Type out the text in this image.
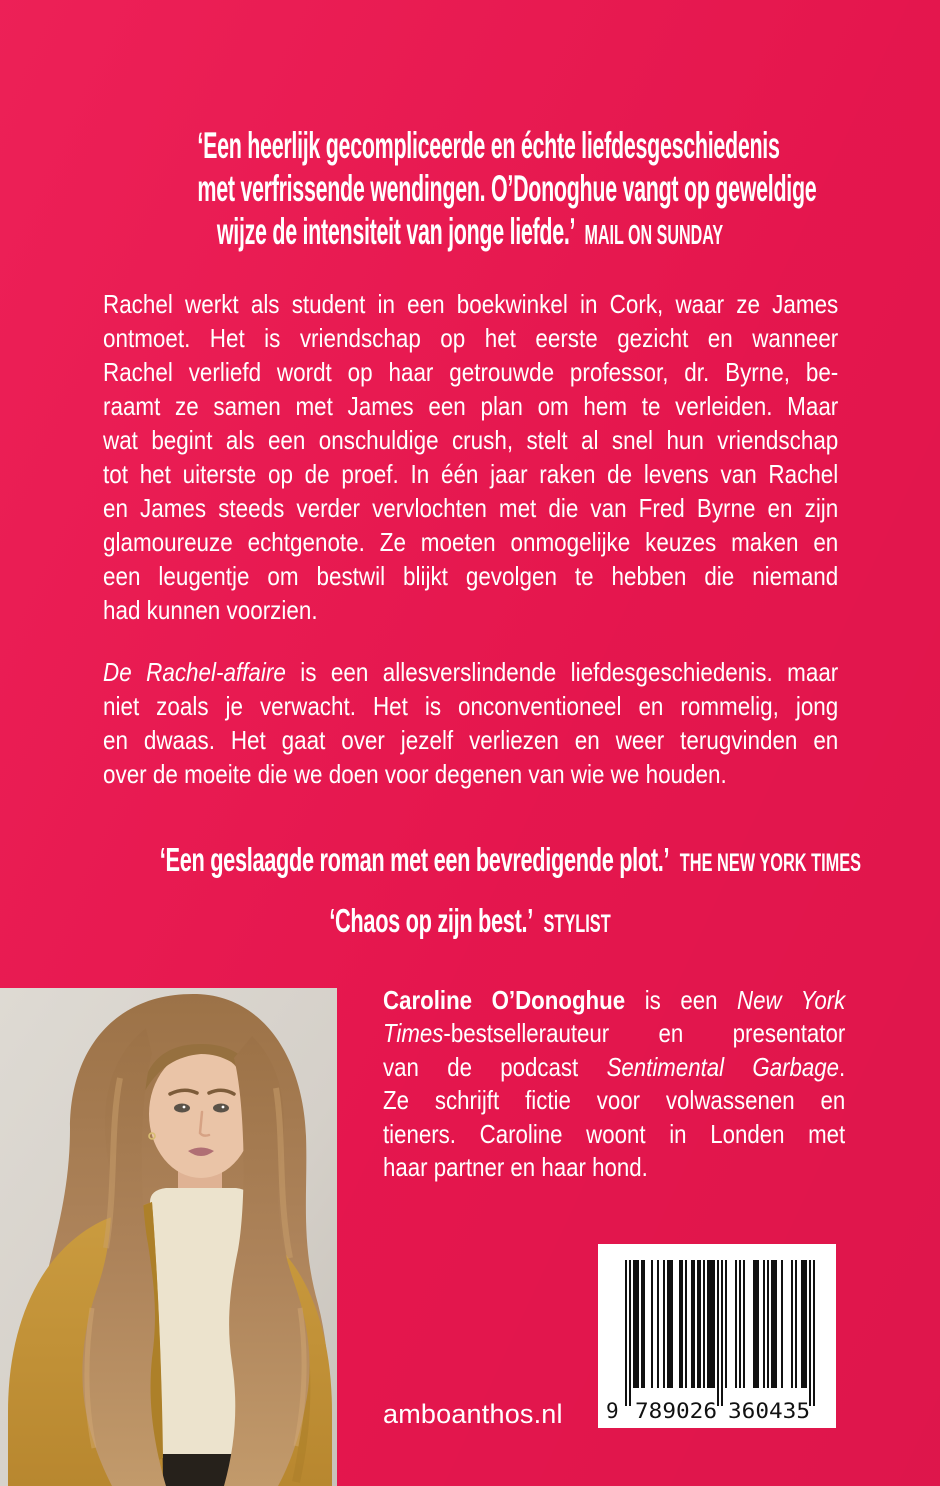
‘Een heerlijk gecompliceerde en échte liefdesgeschiedenis
met verfrissende wendingen. O’Donoghue vangt op geweldige
wijze de intensiteit van jonge liefde.’ MAIL ON SUNDAY
Rachel werkt als student in een boekwinkel in Cork, waar ze James
ontmoet. Het is vriendschap op het eerste gezicht en wanneer
Rachel verliefd wordt op haar getrouwde professor, dr. Byrne, be-
raamt ze samen met James een plan om hem te verleiden. Maar
wat begint als een onschuldige crush, stelt al snel hun vriendschap
tot het uiterste op de proef. In één jaar raken de levens van Rachel
en James steeds verder vervlochten met die van Fred Byrne en zijn
glamoureuze echtgenote. Ze moeten onmogelijke keuzes maken en
een leugentje om bestwil blijkt gevolgen te hebben die niemand
had kunnen voorzien.
De Rachel-affaire is een allesverslindende liefdesgeschiedenis. maar
niet zoals je verwacht. Het is onconventioneel en rommelig, jong
en dwaas. Het gaat over jezelf verliezen en weer terugvinden en
over de moeite die we doen voor degenen van wie we houden.
‘Een geslaagde roman met een bevredigende plot.’ THE NEW YORK TIMES
‘Chaos op zijn best.’ STYLIST
Caroline O’Donoghue is een New York
Times-bestsellerauteur en presentator
van de podcast Sentimental Garbage.
Ze schrijft fictie voor volwassenen en
tieners. Caroline woont in Londen met
haar partner en haar hond.
9 789026 360435
amboanthos.nl
